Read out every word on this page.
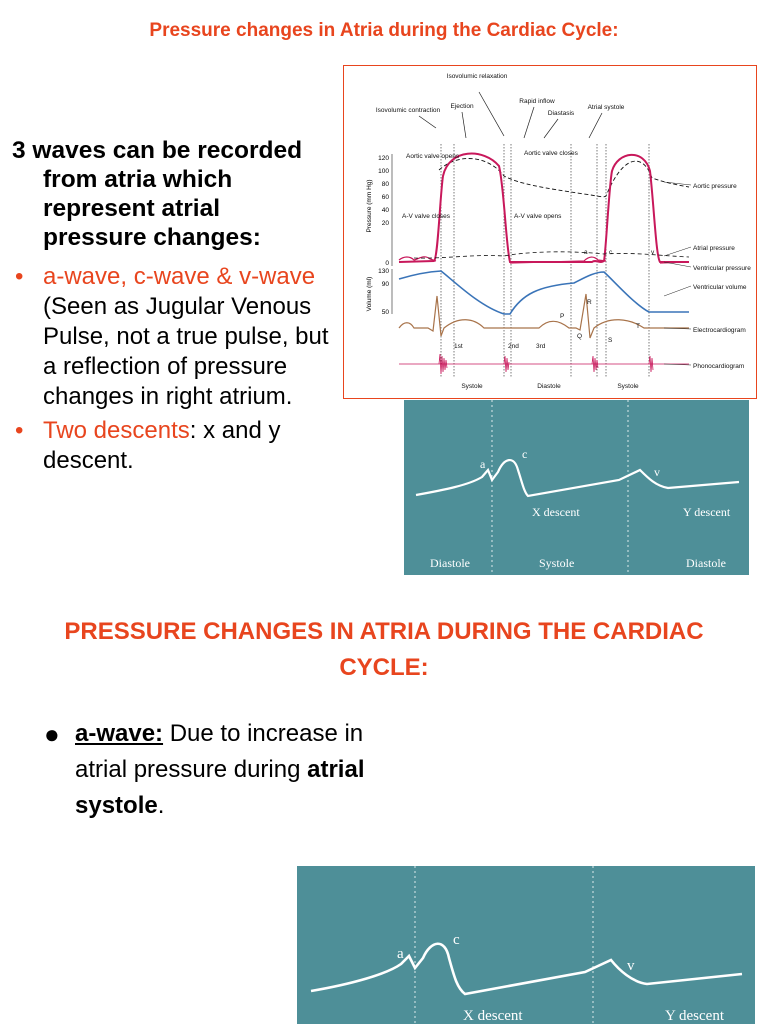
Pressure changes in Atria during the Cardiac Cycle:
3 waves can be recorded
from atria which
represent atrial
pressure changes:
• a-wave, c-wave & v-wave (Seen as Jugular Venous Pulse, not a true pulse, but a reflection of pressure changes in right atrium.
• Two descents: x and y descent.
Isovolumic relaxation
Rapid inflow
Isovolumic contraction
Ejection
Diastasis
Atrial systole
Pressure (mm Hg)
120
100
80
60
40
20
0
Volume (ml)
130
90
50
Aortic valve opens	Aortic valve closes
A-V valve closes	A-V valve opens
a	c	v
P
Q
R
S
T
1st	2nd	3rd
Aortic pressure
Atrial pressure
Ventricular pressure
Ventricular volume
Electrocardiogram
Phonocardiogram
Systole	Diastole	Systole
a
c
v
X descent	Y descent
Diastole	Systole	Diastole
PRESSURE CHANGES IN ATRIA DURING THE CARDIAC CYCLE:
● a-wave: Due to increase in atrial pressure during atrial systole.
a
c
v
X descent	Y descent
